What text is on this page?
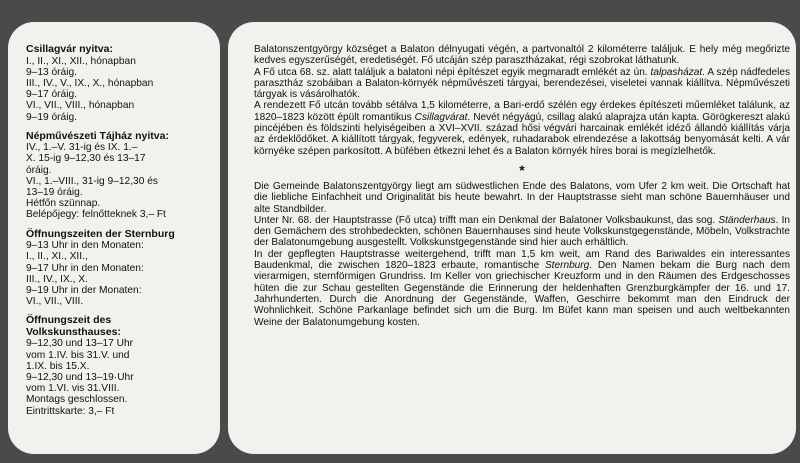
Csillagvár nyitva:
I., II., XI., XII., hónapban
9–13 óráig.
III., IV., V., IX., X., hónapban
9–17 óráig.
VI., VII., VIII., hónapban
9–19 óráig.
Népművészeti Tájház nyitva:
IV., 1.–V. 31-ig és IX. 1.–
X. 15-ig 9–12,30 és 13–17
óráig.
VI., 1.–VIII., 31-ig 9–12,30 és
13–19 óráig.
Hétfőn szünnap.
Belépőjegy: felnőtteknek 3,– Ft
Öffnungszeiten der Sternburg
9–13 Uhr in den Monaten:
I., II., XI., XII.,
9–17 Uhr in den Monaten:
III., IV., IX., X.
9–19 Uhr in der Monaten:
VI., VII., VIII.
Öffnungszeit des
Volkskunsthauses:
9–12,30 und 13–17 Uhr
vom 1.IV. bis 31.V. und
1.IX. bis 15.X.
9–12,30 und 13–19·Uhr
vom 1.VI. vis 31.VIII.
Montags geschlossen.
Eintrittskarte: 3,– Ft

Balatonszentgyörgy községet a Balaton délnyugati végén, a partvonaltól 2 kilométerre találjuk. E hely még megőrizte kedves egyszerűségét, eredetiségét. Fő utcáján szép parasztházakat, régi szobrokat láthatunk.

A Fő utca 68. sz. alatt találjuk a balatoni népi építészet egyik megmaradt emlékét az ún. talpasházat. A szép nádfedeles parasztház szobáiban a Balaton-környék népművészeti tárgyai, berendezései, viseletei vannak kiállítva. Népművészeti tárgyak is vásárolhatók.

A rendezett Fő utcán tovább sétálva 1,5 kilométerre, a Bari-erdő szélén egy érdekes építészeti műemléket találunk, az 1820–1823 között épült romantikus Csillagvárat. Nevét négyágú, csillag alakú alaprajza után kapta. Görögkereszt alakú pincéjében és földszinti helyiségeiben a XVI–XVII. század hősi végvári harcainak emlékét idéző állandó kiállítás várja az érdeklődőket. A kiállított tárgyak, fegyverek, edények, ruhadarabok elrendezése a lakottság benyomását kelti. A vár környéke szépen parkosított. A büfében étkezni lehet és a Balaton környék híres borai is megízlelhetők.

*

Die Gemeinde Balatonszentgyörgy liegt am südwestlichen Ende des Balatons, vom Ufer 2 km weit. Die Ortschaft hat die liebliche Einfachheit und Originalität bis heute bewahrt. In der Hauptstrasse sieht man schöne Bauernhäuser und alte Standbilder.

Unter Nr. 68. der Hauptstrasse (Fő utca) trifft man ein Denkmal der Balatoner Volksbaukunst, das sog. Ständerhaus. In den Gemächern des strohbedeckten, schönen Bauernhauses sind heute Volkskunstgegenstände, Möbeln, Volkstrachte der Balatonumgebung ausgestellt. Volkskunstgegenstände sind hier auch erhältlich.

In der gepflegten Hauptstrasse weitergehend, trifft man 1,5 km weit, am Rand des Bariwaldes ein interessantes Baudenkmal, die zwischen 1820–1823 erbaute, romantische Sternburg. Den Namen bekam die Burg nach dem vierarmigen, sternförmigen Grundriss. Im Keller von griechischer Kreuzform und in den Räumen des Erdgeschosses hüten die zur Schau gestellten Gegenstände die Erinnerung der heldenhaften Grenzburgkämpfer der 16. und 17. Jahrhunderten. Durch die Anordnung der Gegenstände, Waffen, Geschirre bekommt man den Eindruck der Wohnlichkeit. Schöne Parkanlage befindet sich um die Burg. Im Büfet kann man speisen und auch weltbekannten Weine der Balatonumgebung kosten.
